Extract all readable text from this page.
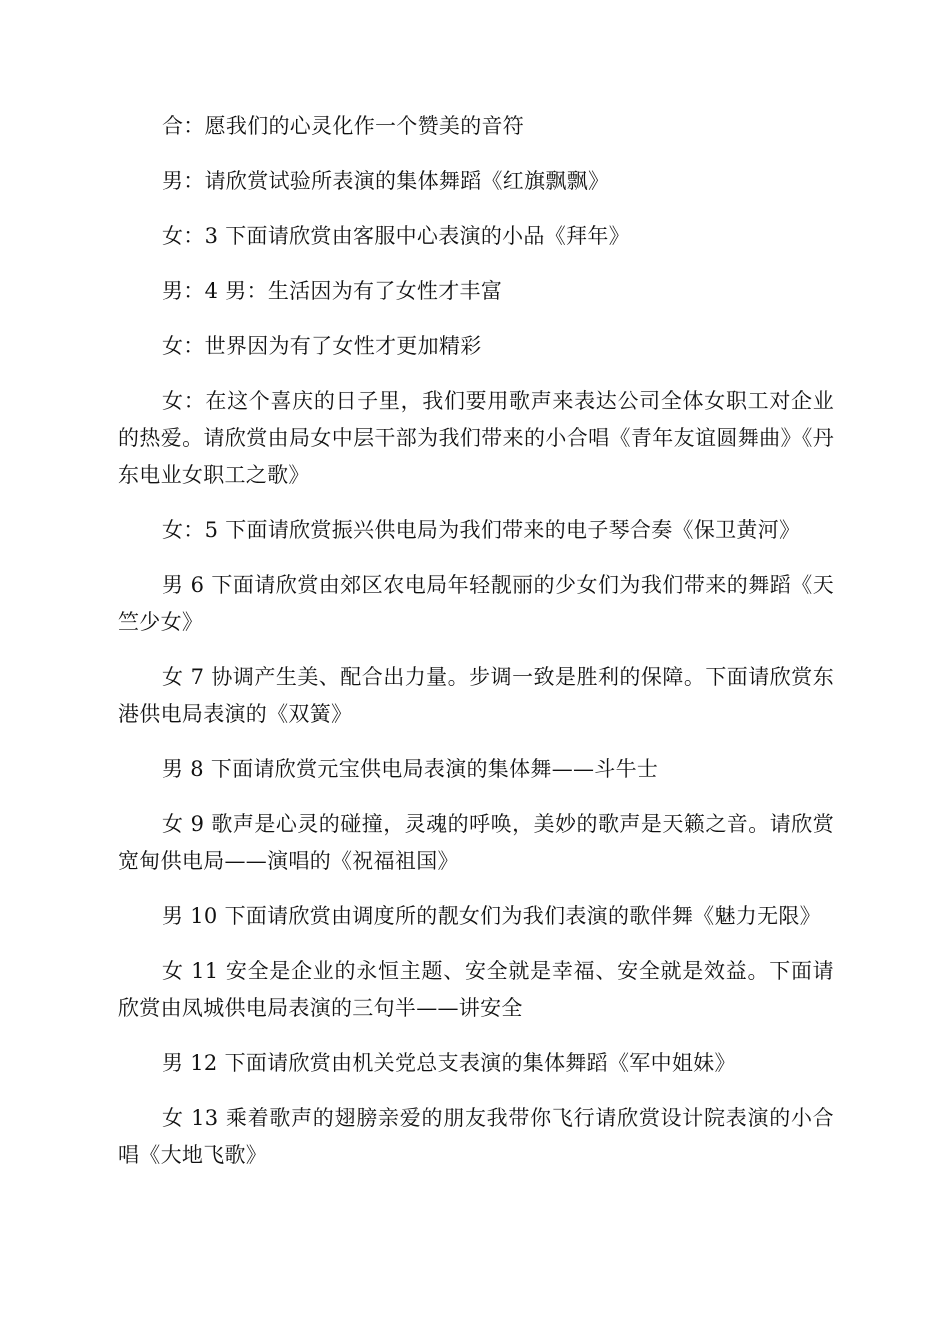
合：愿我们的心灵化作一个赞美的音符

男：请欣赏试验所表演的集体舞蹈《红旗飘飘》

女：3 下面请欣赏由客服中心表演的小品《拜年》

男：4 男：生活因为有了女性才丰富

女：世界因为有了女性才更加精彩

女：在这个喜庆的日子里，我们要用歌声来表达公司全体女职工对企业的热爱。请欣赏由局女中层干部为我们带来的小合唱《青年友谊圆舞曲》《丹东电业女职工之歌》

女：5 下面请欣赏振兴供电局为我们带来的电子琴合奏《保卫黄河》

男 6 下面请欣赏由郊区农电局年轻靓丽的少女们为我们带来的舞蹈《天竺少女》

女 7 协调产生美、配合出力量。步调一致是胜利的保障。下面请欣赏东港供电局表演的《双簧》

男 8 下面请欣赏元宝供电局表演的集体舞——斗牛士

女 9 歌声是心灵的碰撞，灵魂的呼唤，美妙的歌声是天籁之音。请欣赏宽甸供电局——演唱的《祝福祖国》

男 10 下面请欣赏由调度所的靓女们为我们表演的歌伴舞《魅力无限》

女 11 安全是企业的永恒主题、安全就是幸福、安全就是效益。下面请欣赏由凤城供电局表演的三句半——讲安全

男 12 下面请欣赏由机关党总支表演的集体舞蹈《军中姐妹》

女 13 乘着歌声的翅膀亲爱的朋友我带你飞行请欣赏设计院表演的小合唱《大地飞歌》
